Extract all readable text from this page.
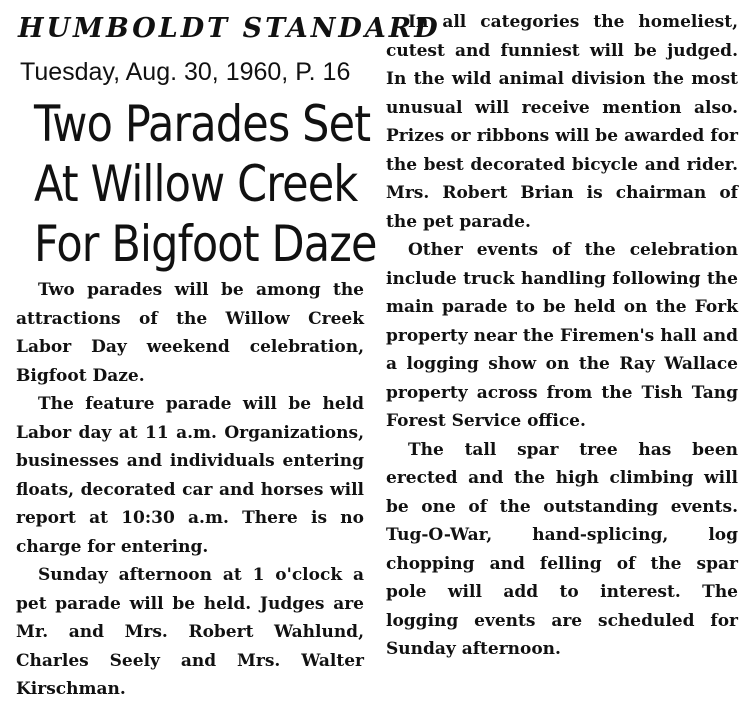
HUMBOLDT STANDARD
Tuesday, Aug. 30, 1960, P. 16
Two Parades Set
At Willow Creek
For Bigfoot Daze

Two parades will be among the attractions of the Willow Creek Labor Day weekend celebration, Bigfoot Daze.

The feature parade will be held Labor day at 11 a.m. Organizations, businesses and individuals entering floats, decorated car and horses will report at 10:30 a.m. There is no charge for entering.

Sunday afternoon at 1 o'clock a pet parade will be held. Judges are Mr. and Mrs. Robert Wahlund, Charles Seely and Mrs. Walter Kirschman.

In all categories the homeliest, cutest and funniest will be judged. In the wild animal division the most unusual will receive mention also. Prizes or ribbons will be awarded for the best decorated bicycle and rider. Mrs. Robert Brian is chairman of the pet parade.

Other events of the celebration include truck handling following the main parade to be held on the Fork property near the Firemen's hall and a logging show on the Ray Wallace property across from the Tish Tang Forest Service office.

The tall spar tree has been erected and the high climbing will be one of the outstanding events. Tug-O-War, hand-splicing, log chopping and felling of the spar pole will add to interest. The logging events are scheduled for Sunday afternoon.
